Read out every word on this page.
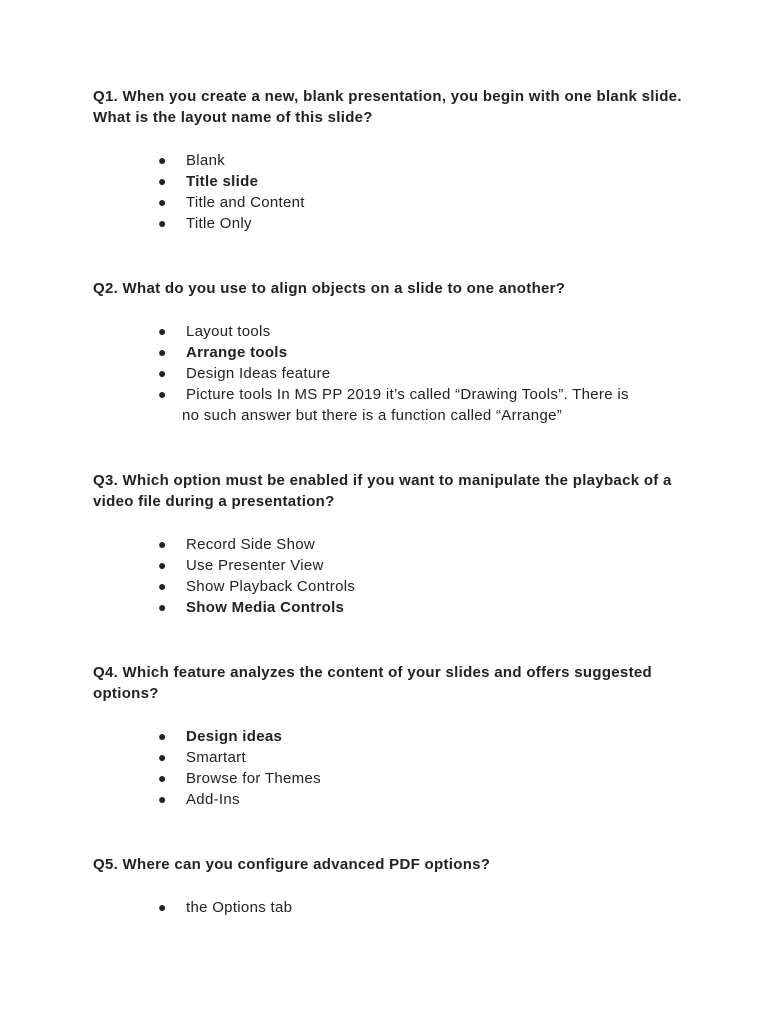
Q1. When you create a new, blank presentation, you begin with one blank slide. What is the layout name of this slide?

● Blank
● Title slide
● Title and Content
● Title Only

Q2. What do you use to align objects on a slide to one another?

● Layout tools
● Arrange tools
● Design Ideas feature
● Picture tools In MS PP 2019 it’s called “Drawing Tools”. There is
no such answer but there is a function called “Arrange”

Q3. Which option must be enabled if you want to manipulate the playback of a video file during a presentation?

● Record Side Show
● Use Presenter View
● Show Playback Controls
● Show Media Controls

Q4. Which feature analyzes the content of your slides and offers suggested options?

● Design ideas
● Smartart
● Browse for Themes
● Add-Ins

Q5. Where can you configure advanced PDF options?

● the Options tab
